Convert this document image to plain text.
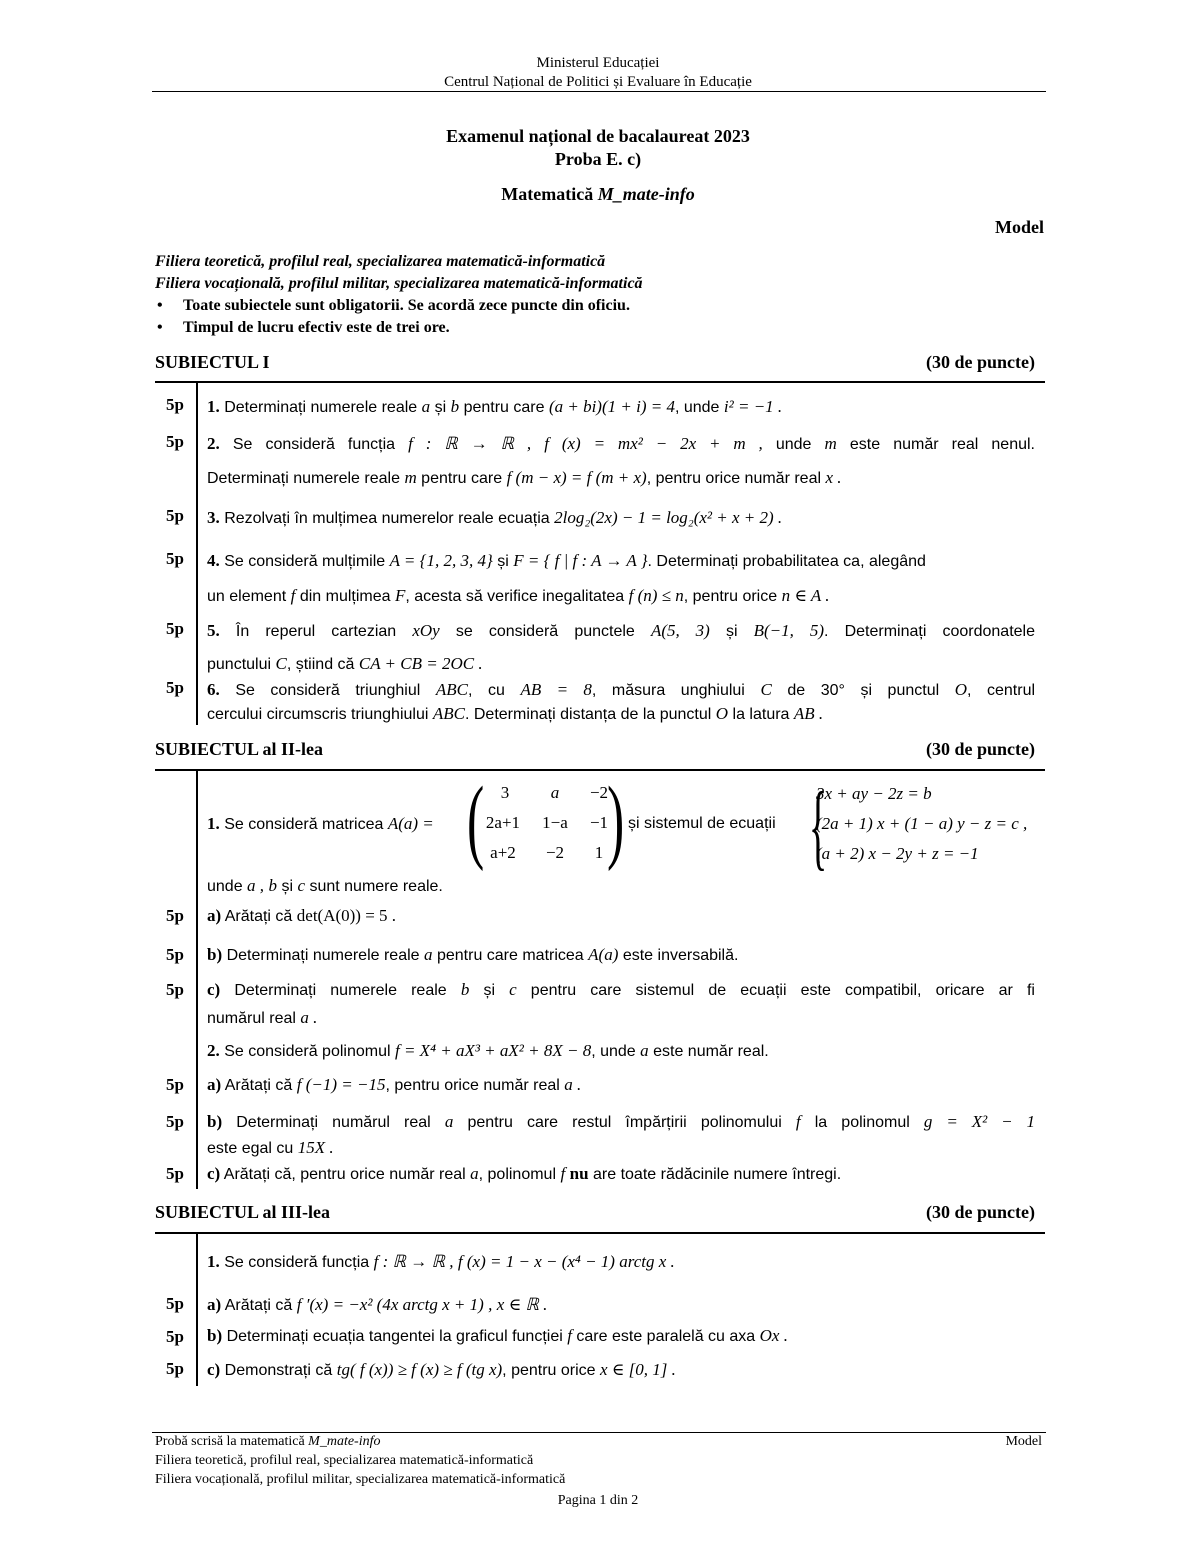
Ministerul Educației
Centrul Național de Politici și Evaluare în Educație
Examenul național de bacalaureat 2023
Proba E. c)
Matematică M_mate-info
Model
Filiera teoretică, profilul real, specializarea matematică-informatică
Filiera vocațională, profilul militar, specializarea matematică-informatică
• Toate subiectele sunt obligatorii. Se acordă zece puncte din oficiu.
• Timpul de lucru efectiv este de trei ore.
SUBIECTUL I	(30 de puncte)
5p 1. Determinați numerele reale a și b pentru care (a + bi)(1 + i) = 4, unde i² = −1 .
5p 2. Se consideră funcția f : ℝ → ℝ , f (x) = mx² − 2x + m , unde m este număr real nenul.
Determinați numerele reale m pentru care f (m − x) = f (m + x), pentru orice număr real x .
5p 3. Rezolvați în mulțimea numerelor reale ecuația 2log₂(2x) − 1 = log₂(x² + x + 2) .
5p 4. Se consideră mulțimile A = {1, 2, 3, 4} și F = { f | f : A → A }. Determinați probabilitatea ca, alegând
un element f din mulțimea F, acesta să verifice inegalitatea f (n) ≤ n, pentru orice n ∈ A .
5p 5. În reperul cartezian xOy se consideră punctele A(5, 3) și B(−1, 5). Determinați coordonatele
punctului C, știind că CA + CB = 2OC .
5p 6. Se consideră triunghiul ABC, cu AB = 8, măsura unghiului C de 30° și punctul O, centrul
cercului circumscris triunghiului ABC. Determinați distanța de la punctul O la latura AB .
SUBIECTUL al II-lea	(30 de puncte)
1. Se consideră matricea A(a) = ( )
3	a	−2
2a+1	1−a	−1
a+2	−2	1
și sistemul de ecuații {
3x + ay − 2z = b
(2a + 1) x + (1 − a) y − z = c ,
(a + 2) x − 2y + z = −1
unde a , b și c sunt numere reale.
5p a) Arătați că det(A(0)) = 5 .
5p b) Determinați numerele reale a pentru care matricea A(a) este inversabilă.
5p c) Determinați numerele reale b și c pentru care sistemul de ecuații este compatibil, oricare ar fi
numărul real a .
2. Se consideră polinomul f = X⁴ + aX³ + aX² + 8X − 8, unde a este număr real.
5p a) Arătați că f (−1) = −15, pentru orice număr real a .
5p b) Determinați numărul real a pentru care restul împărțirii polinomului f la polinomul g = X² − 1
este egal cu 15X .
5p c) Arătați că, pentru orice număr real a, polinomul f nu are toate rădăcinile numere întregi.
SUBIECTUL al III-lea	(30 de puncte)
1. Se consideră funcția f : ℝ → ℝ , f (x) = 1 − x − (x⁴ − 1) arctg x .
5p a) Arătați că f ′(x) = −x² (4x arctg x + 1) , x ∈ ℝ .
5p b) Determinați ecuația tangentei la graficul funcției f care este paralelă cu axa Ox .
5p c) Demonstrați că tg( f (x)) ≥ f (x) ≥ f (tg x), pentru orice x ∈ [0, 1] .
Probă scrisă la matematică M_mate-info
Filiera teoretică, profilul real, specializarea matematică-informatică
Filiera vocațională, profilul militar, specializarea matematică-informatică
Model
Pagina 1 din 2
